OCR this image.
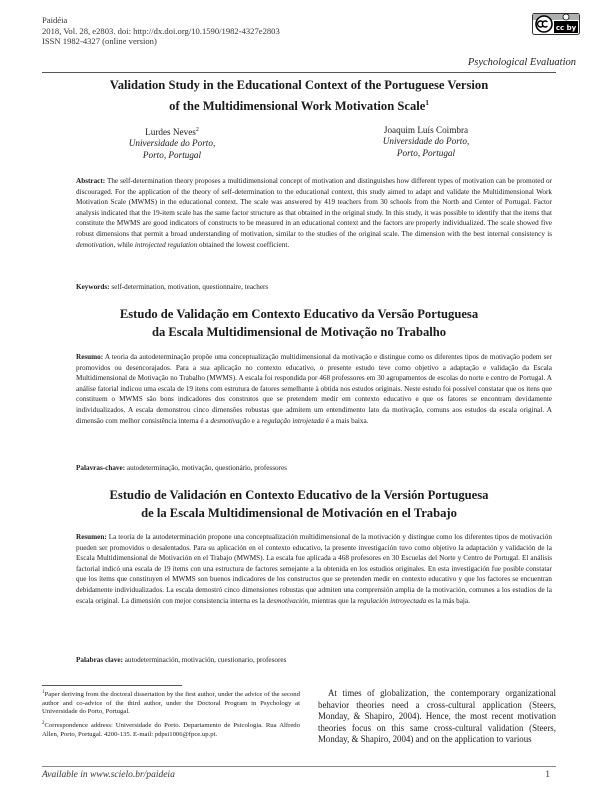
Paidéia
2018, Vol. 28, e2803. doi: http://dx.doi.org/10.1590/1982-4327e2803
ISSN 1982-4327 (online version)
cc by
Psychological Evaluation
Validation Study in the Educational Context of the Portuguese Version
of the Multidimensional Work Motivation Scale$^1$
Lurdes Neves$^2$
Universidade do Porto,
Porto, Portugal
Joaquim Luís Coimbra
Universidade do Porto,
Porto, Portugal
Abstract: The self-determination theory proposes a multidimensional concept of motivation and distinguishes how different types of motivation can be promoted or discouraged. For the application of the theory of self-determination to the educational context, this study aimed to adapt and validate the Multidimensional Work Motivation Scale (MWMS) in the educational context. The scale was answered by 419 teachers from 30 schools from the North and Center of Portugal. Factor analysis indicated that the 19-item scale has the same factor structure as that obtained in the original study. In this study, it was possible to identify that the items that constitute the MWMS are good indicators of constructs to be measured in an educational context and the factors are properly individualized. The scale showed five robust dimensions that permit a broad understanding of motivation, similar to the studies of the original scale. The dimension with the best internal consistency is demotivation, while introjected regulation obtained the lowest coefficient.
Keywords: self-determination, motivation, questionnaire, teachers
Estudo de Validação em Contexto Educativo da Versão Portuguesa
da Escala Multidimensional de Motivação no Trabalho
Resumo: A teoria da autodeterminação propõe uma conceptualização multidimensional da motivação e distingue como os diferentes tipos de motivação podem ser promovidos ou desencorajados. Para a sua aplicação no contexto educativo, o presente estudo teve como objetivo a adaptação e validação da Escala Multidimensional de Motivação no Trabalho (MWMS). A escala foi respondida por 468 professores em 30 agrupamentos de escolas do norte e centro de Portugal. A análise fatorial indicou uma escala de 19 itens com estrutura de fatores semelhante à obtida nos estudos originais. Neste estudo foi possível constatar que os itens que constituem o MWMS são bons indicadores dos construtos que se pretendem medir em contexto educativo e que os fatores se encontram devidamente individualizados. A escala demonstrou cinco dimensões robustas que admitem um entendimento lato da motivação, comuns aos estudos da escala original. A dimensão com melhor consistência interna é a desmotivação e a regulação introjetada é a mais baixa.
Palavras-chave: autodeterminação, motivação, questionário, professores
Estudio de Validación en Contexto Educativo de la Versión Portuguesa
de la Escala Multidimensional de Motivación en el Trabajo
Resumen: La teoría de la autodeterminación propone una conceptualización multidimensional de la motivación y distingue como los diferentes tipos de motivación pueden ser promovidos o desalentados. Para su aplicación en el contexto educativo, la presente investigación tuvo como objetivo la adaptación y validación de la Escala Multidimensional de Motivación en el Trabajo (MWMS). La escala fue aplicada a 468 profesores en 30 Escuelas del Norte y Centro de Portugal. El análisis factorial indicó una escala de 19 ítems con una estructura de factores semejante a la obtenida en los estudios originales. En esta investigación fue posible constatar que los ítems que constituyen el MWMS son buenos indicadores de los constructos que se pretenden medir en contexto educativo y que los factores se encuentran debidamente individualizados. La escala demostró cinco dimensiones robustas que admiten una comprensión amplia de la motivación, comunes a los estudios de la escala original. La dimensión con mejor consistencia interna es la desmotivación, mientras que la regulación introyectada es la más baja.
Palabras clave: autodeterminación, motivación, cuestionario, profesores

$^1$Paper deriving from the doctoral dissertation by the first author, under the advice of the second author and co-advice of the third author, under the Doctoral Program in Psychology at Universidade do Porto, Portugal.

$^2$Correspondence address: Universidade do Porto. Departamento de Psicologia. Rua Alfredo Allen, Porto, Portugal. 4200-135. E-mail: pdpsi1006@fpce.up.pt.

At times of globalization, the contemporary organizational behavior theories need a cross-cultural application (Steers, Monday, & Shapiro, 2004). Hence, the most recent motivation theories focus on this same cross-cultural validation (Steers, Monday, & Shapiro, 2004) and on the application to various
Available in www.scielo.br/paideia	1
